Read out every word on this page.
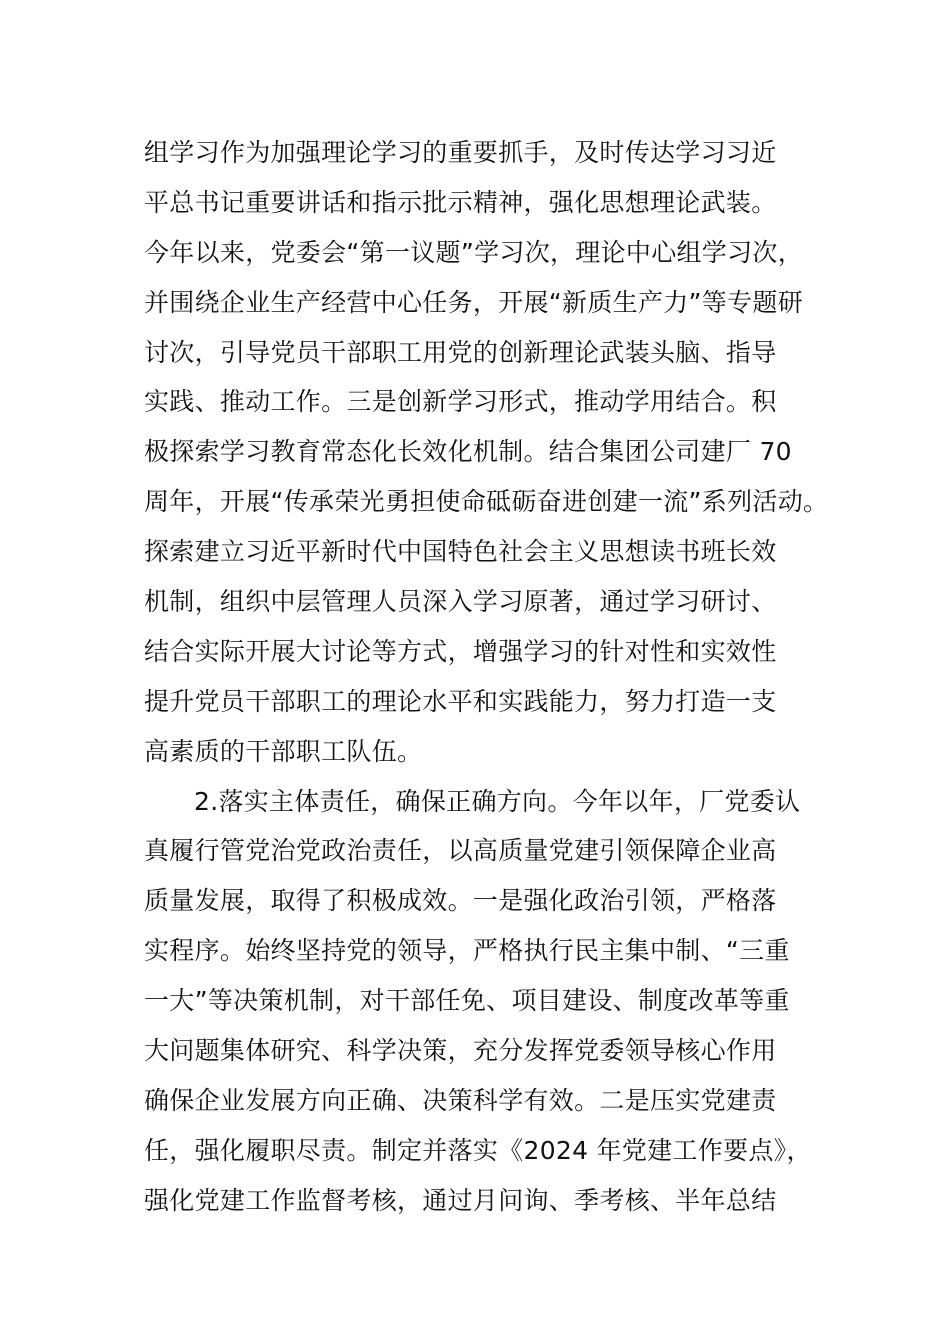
组学习作为加强理论学习的重要抓手，及时传达学习习近
平总书记重要讲话和指示批示精神，强化思想理论武装。
今年以来，党委会“第一议题”学习次，理论中心组学习次，
并围绕企业生产经营中心任务，开展“新质生产力”等专题研
讨次，引导党员干部职工用党的创新理论武装头脑、指导
实践、推动工作。三是创新学习形式，推动学用结合。积
极探索学习教育常态化长效化机制。结合集团公司建厂 70
周年，开展“传承荣光勇担使命砥砺奋进创建一流”系列活动。
探索建立习近平新时代中国特色社会主义思想读书班长效
机制，组织中层管理人员深入学习原著，通过学习研讨、
结合实际开展大讨论等方式，增强学习的针对性和实效性
提升党员干部职工的理论水平和实践能力，努力打造一支
高素质的干部职工队伍。
2.落实主体责任，确保正确方向。今年以年，厂党委认
真履行管党治党政治责任，以高质量党建引领保障企业高
质量发展，取得了积极成效。一是强化政治引领，严格落
实程序。始终坚持党的领导，严格执行民主集中制、“三重
一大”等决策机制，对干部任免、项目建设、制度改革等重
大问题集体研究、科学决策，充分发挥党委领导核心作用
确保企业发展方向正确、决策科学有效。二是压实党建责
任，强化履职尽责。制定并落实《2024 年党建工作要点》，
强化党建工作监督考核，通过月问询、季考核、半年总结
